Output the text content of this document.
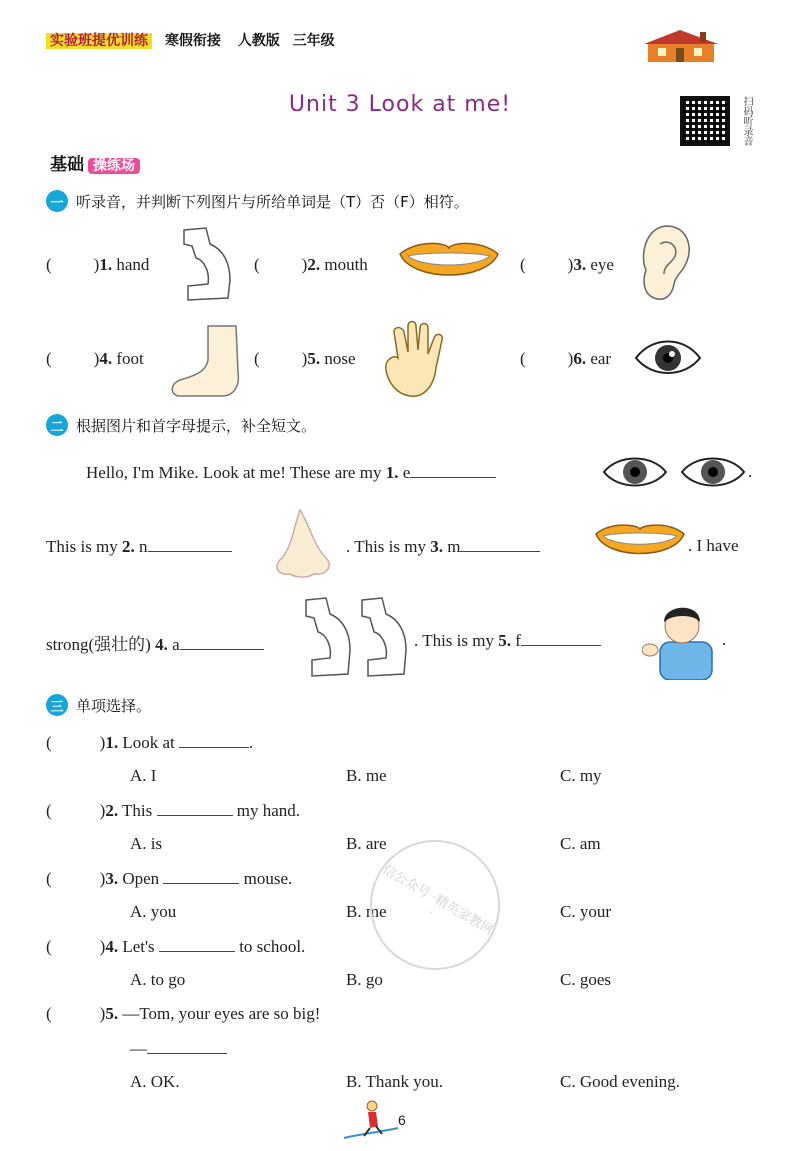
实验班提优训练 寒假衔接 人教版 三年级
Unit 3 Look at me!	扫码听录音
基础 操练场
一 听录音，并判断下列图片与所给单词是（T）否（F）相符。
( )1. hand	( )2. mouth	( )3. eye
( )4. foot	( )5. nose	( )6. ear
二 根据图片和首字母提示，补全短文。
Hello, I'm Mike. Look at me! These are my 1. e	.
This is my 2. n	. This is my 3. m	. I have
strong(强壮的) 4. a	. This is my 5. f	.
三 单项选择。
(	)1. Look at	.
A. I	B. me	C. my
(	)2. This	my hand.
A. is	B. are	C. am
(	)3. Open	mouse.
A. you	B. me	C. your
(	)4. Let's	to school.
A. to go	B. go	C. goes
(	)5. —Tom, your eyes are so big!
—
A. OK.	B. Thank you.	C. Good evening.
信公众号 ·精英家教网·
6
